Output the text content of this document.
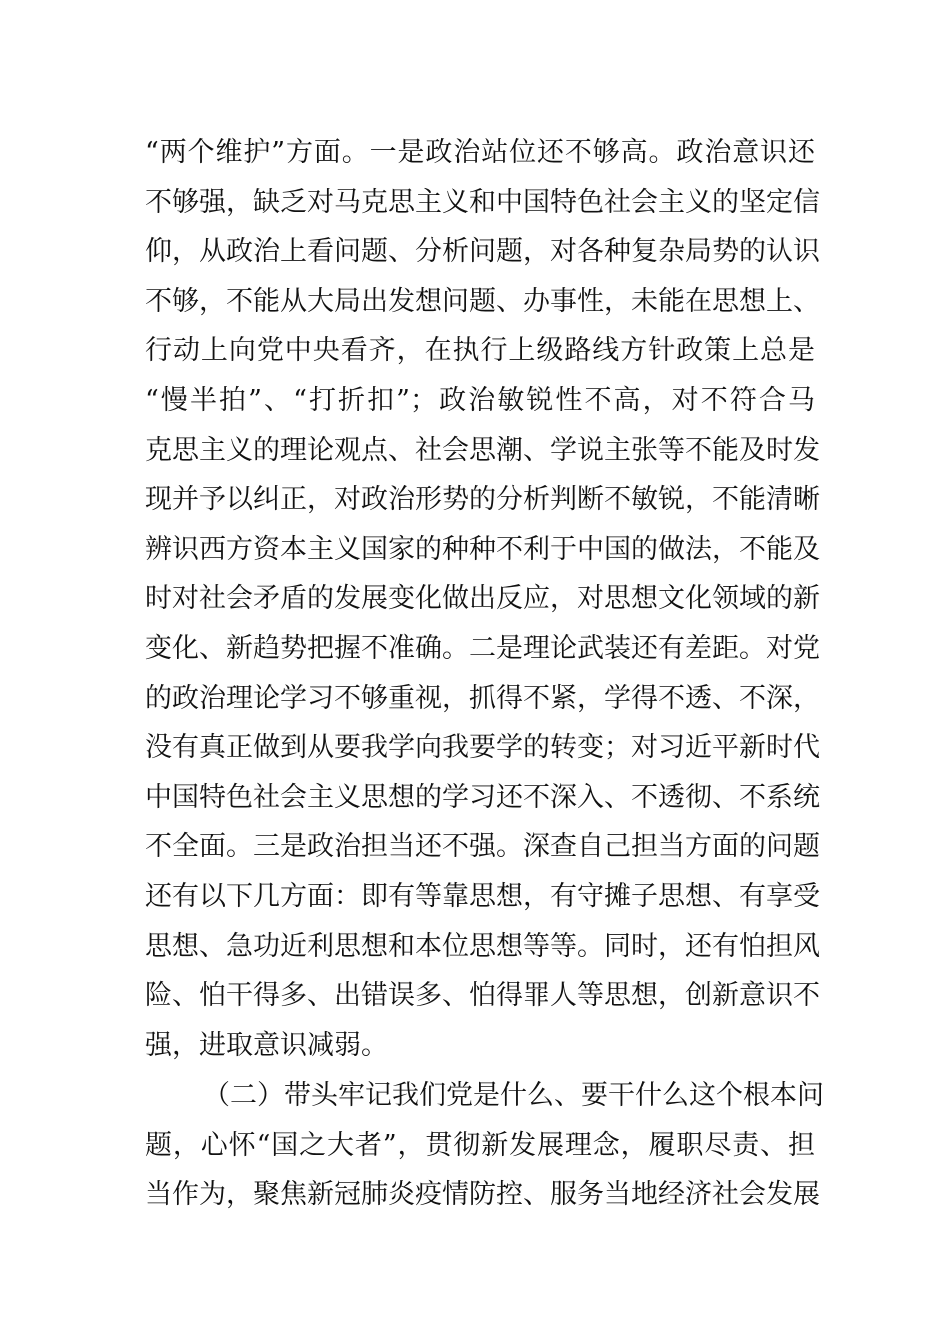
“两个维护”方面。一是政治站位还不够高。政治意识还
不够强，缺乏对马克思主义和中国特色社会主义的坚定信
仰，从政治上看问题、分析问题，对各种复杂局势的认识
不够，不能从大局出发想问题、办事性，未能在思想上、
行动上向党中央看齐，在执行上级路线方针政策上总是
“慢半拍”、“打折扣”；政治敏锐性不高，对不符合马
克思主义的理论观点、社会思潮、学说主张等不能及时发
现并予以纠正，对政治形势的分析判断不敏锐，不能清晰
辨识西方资本主义国家的种种不利于中国的做法，不能及
时对社会矛盾的发展变化做出反应，对思想文化领域的新
变化、新趋势把握不准确。二是理论武装还有差距。对党
的政治理论学习不够重视，抓得不紧，学得不透、不深，
没有真正做到从要我学向我要学的转变；对习近平新时代
中国特色社会主义思想的学习还不深入、不透彻、不系统
不全面。三是政治担当还不强。深查自己担当方面的问题
还有以下几方面：即有等靠思想，有守摊子思想、有享受
思想、急功近利思想和本位思想等等。同时，还有怕担风
险、怕干得多、出错误多、怕得罪人等思想，创新意识不
强，进取意识减弱。
（二）带头牢记我们党是什么、要干什么这个根本问
题，心怀“国之大者”，贯彻新发展理念，履职尽责、担
当作为，聚焦新冠肺炎疫情防控、服务当地经济社会发展
